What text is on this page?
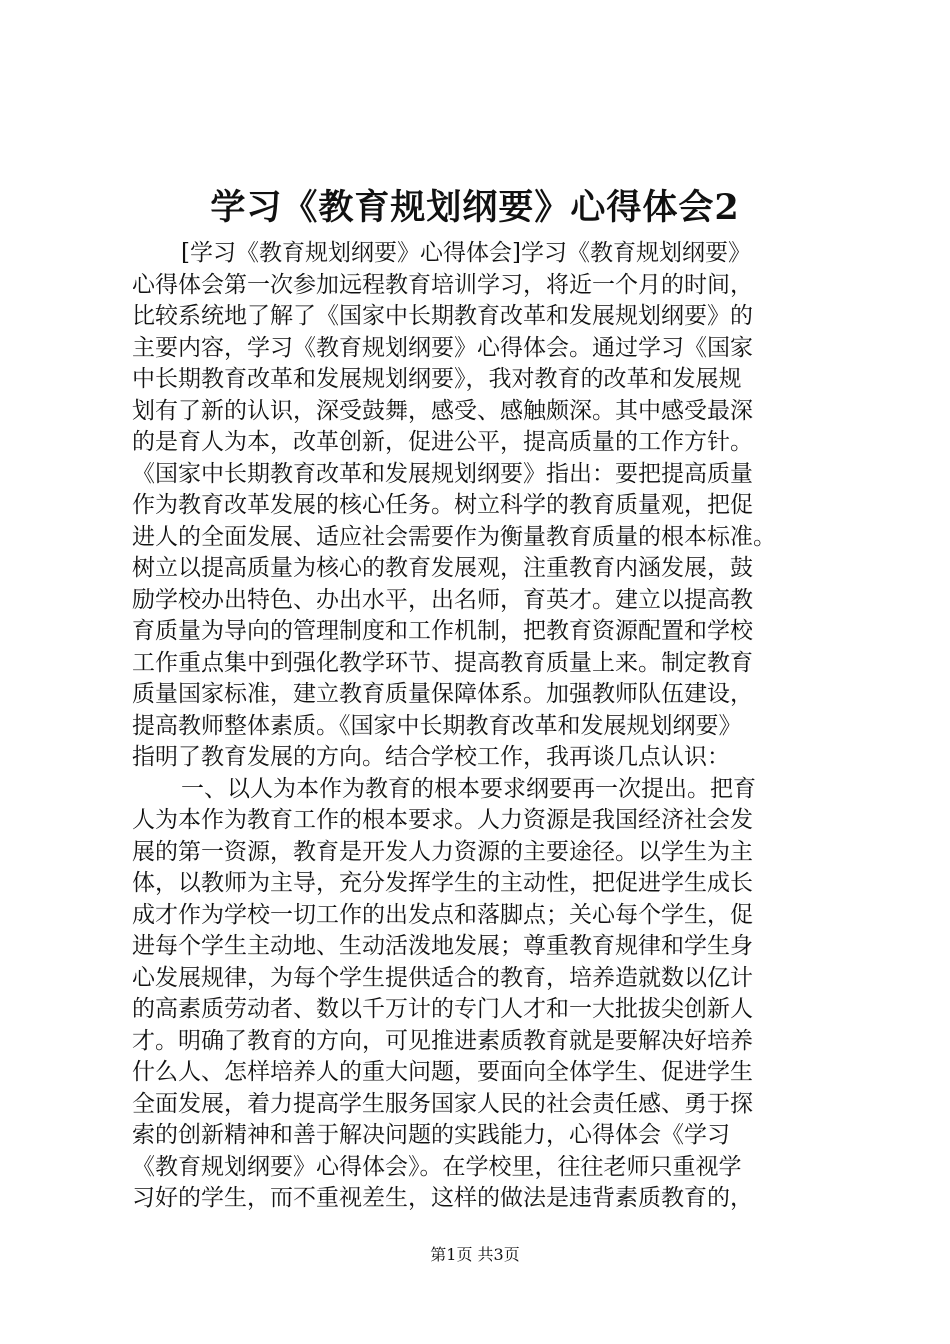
学习《教育规划纲要》心得体会2
[学习《教育规划纲要》心得体会]学习《教育规划纲要》
心得体会第一次参加远程教育培训学习，将近一个月的时间，
比较系统地了解了《国家中长期教育改革和发展规划纲要》的
主要内容，学习《教育规划纲要》心得体会。通过学习《国家
中长期教育改革和发展规划纲要》，我对教育的改革和发展规
划有了新的认识，深受鼓舞，感受、感触颇深。其中感受最深
的是育人为本，改革创新，促进公平，提高质量的工作方针。
《国家中长期教育改革和发展规划纲要》指出：要把提高质量
作为教育改革发展的核心任务。树立科学的教育质量观，把促
进人的全面发展、适应社会需要作为衡量教育质量的根本标准。
树立以提高质量为核心的教育发展观，注重教育内涵发展，鼓
励学校办出特色、办出水平，出名师，育英才。建立以提高教
育质量为导向的管理制度和工作机制，把教育资源配置和学校
工作重点集中到强化教学环节、提高教育质量上来。制定教育
质量国家标准，建立教育质量保障体系。加强教师队伍建设，
提高教师整体素质。《国家中长期教育改革和发展规划纲要》
指明了教育发展的方向。结合学校工作，我再谈几点认识：
一、以人为本作为教育的根本要求纲要再一次提出。把育
人为本作为教育工作的根本要求。人力资源是我国经济社会发
展的第一资源，教育是开发人力资源的主要途径。以学生为主
体，以教师为主导，充分发挥学生的主动性，把促进学生成长
成才作为学校一切工作的出发点和落脚点；关心每个学生，促
进每个学生主动地、生动活泼地发展；尊重教育规律和学生身
心发展规律，为每个学生提供适合的教育，培养造就数以亿计
的高素质劳动者、数以千万计的专门人才和一大批拔尖创新人
才。明确了教育的方向，可见推进素质教育就是要解决好培养
什么人、怎样培养人的重大问题，要面向全体学生、促进学生
全面发展，着力提高学生服务国家人民的社会责任感、勇于探
索的创新精神和善于解决问题的实践能力，心得体会《学习
《教育规划纲要》心得体会》。在学校里，往往老师只重视学
习好的学生，而不重视差生，这样的做法是违背素质教育的，
第1页 共3页
